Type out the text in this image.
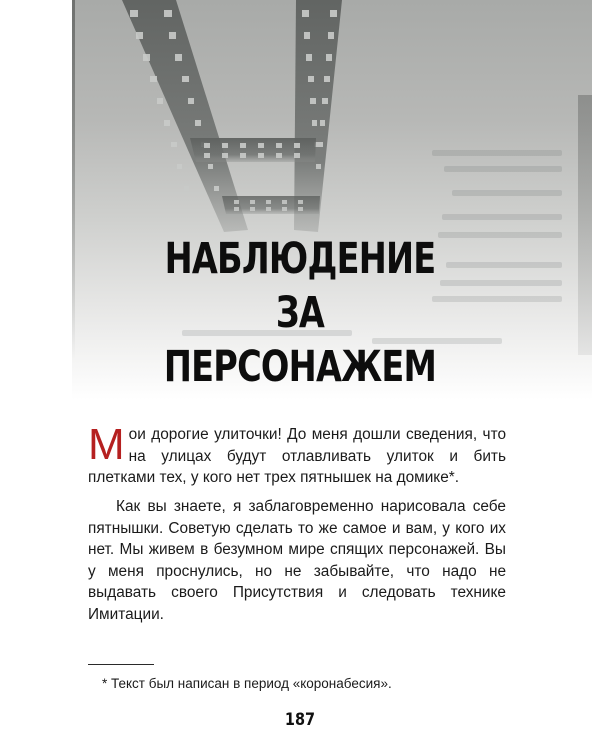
НАБЛЮДЕНИЕ
ЗА ПЕРСОНАЖЕМ

Мои дорогие улиточки! До меня дошли сведения, что на улицах будут отлавливать улиток и бить плетками тех, у кого нет трех пятнышек на домике*.

Как вы знаете, я заблаговременно нарисовала себе пятнышки. Советую сделать то же самое и вам, у кого их нет. Мы живем в безумном мире спящих персонажей. Вы у меня проснулись, но не забывайте, что надо не выдавать своего Присутствия и следовать технике Имитации.

* Текст был написан в период «коронабесия».

187
